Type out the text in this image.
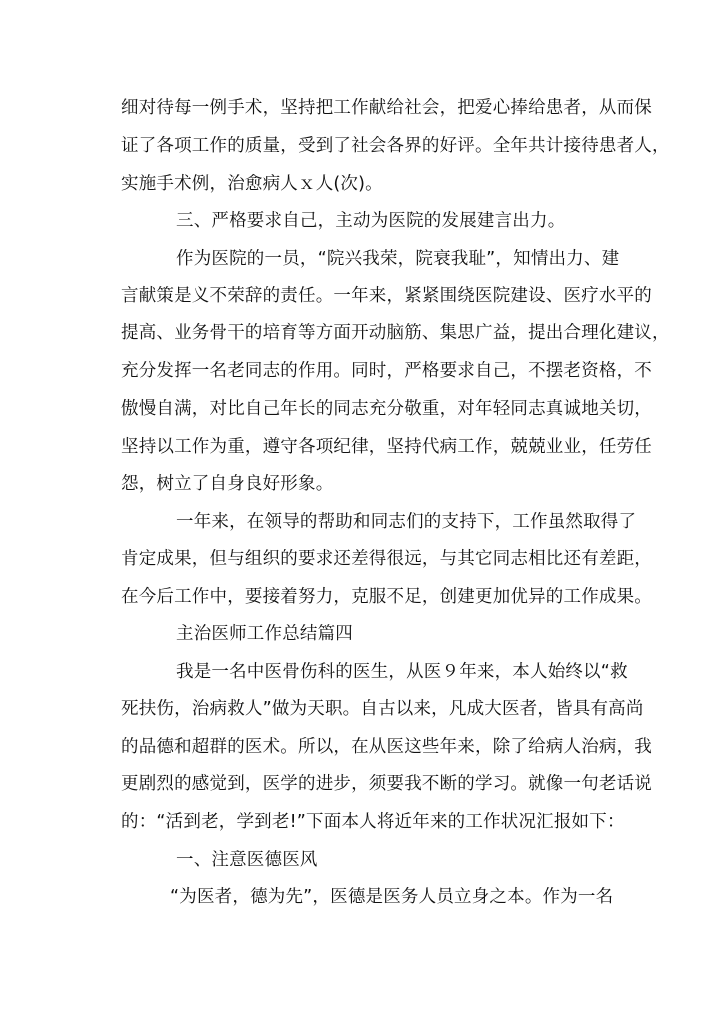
细对待每一例手术，坚持把工作献给社会，把爱心捧给患者，从而保
证了各项工作的质量，受到了社会各界的好评。全年共计接待患者人，
实施手术例，治愈病人ｘ人(次)。
三、严格要求自己，主动为医院的发展建言出力。
作为医院的一员，“院兴我荣，院衰我耻”，知情出力、建
言献策是义不荣辞的责任。一年来，紧紧围绕医院建设、医疗水平的
提高、业务骨干的培育等方面开动脑筋、集思广益，提出合理化建议，
充分发挥一名老同志的作用。同时，严格要求自己，不摆老资格，不
傲慢自满，对比自己年长的同志充分敬重，对年轻同志真诚地关切，
坚持以工作为重，遵守各项纪律，坚持代病工作，兢兢业业，任劳任
怨，树立了自身良好形象。
一年来，在领导的帮助和同志们的支持下，工作虽然取得了
肯定成果，但与组织的要求还差得很远，与其它同志相比还有差距，
在今后工作中，要接着努力，克服不足，创建更加优异的工作成果。
主治医师工作总结篇四
我是一名中医骨伤科的医生，从医９年来，本人始终以“救
死扶伤，治病救人”做为天职。自古以来，凡成大医者，皆具有高尚
的品德和超群的医术。所以，在从医这些年来，除了给病人治病，我
更剧烈的感觉到，医学的进步，须要我不断的学习。就像一句老话说
的：“活到老，学到老!”下面本人将近年来的工作状况汇报如下：
一、注意医德医风
“为医者，德为先”，医德是医务人员立身之本。作为一名
